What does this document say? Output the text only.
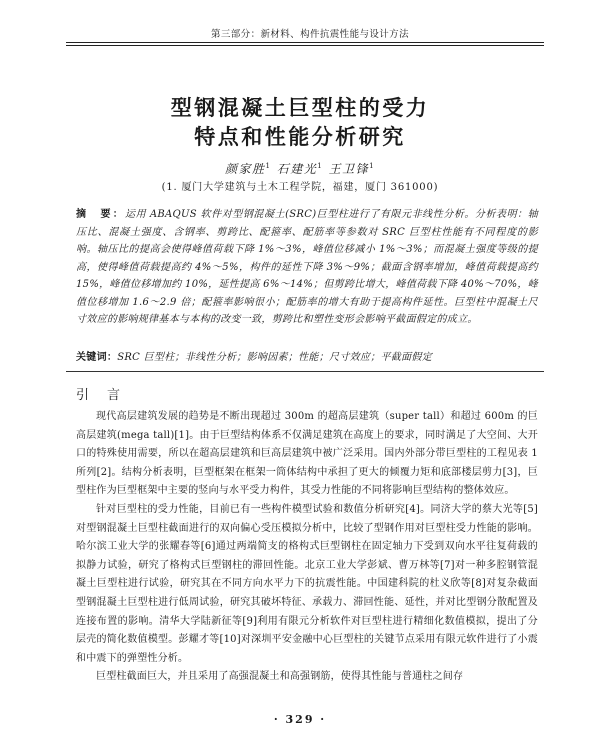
第三部分：新材料、构件抗震性能与设计方法
型钢混凝土巨型柱的受力
特点和性能分析研究
颜家胜$^1$ 石建光$^1$ 王卫锋$^1$
(1. 厦门大学建筑与土木工程学院，福建，厦门 361000)
摘　要：运用 ABAQUS 软件对型钢混凝土(SRC)巨型柱进行了有限元非线性分析。分析表明：轴压比、混凝土强度、含钢率、剪跨比、配箍率、配筋率等参数对 SRC 巨型柱性能有不同程度的影响。轴压比的提高会使得峰值荷载下降 1%～3%，峰值位移减小 1%～3%；而混凝土强度等级的提高，使得峰值荷载提高约 4%～5%，构件的延性下降 3%～9%；截面含钢率增加，峰值荷载提高约 15%，峰值位移增加约 10%，延性提高 6%～14%；但剪跨比增大，峰值荷载下降 40%～70%，峰值位移增加 1.6～2.9 倍；配箍率影响很小；配筋率的增大有助于提高构件延性。巨型柱中混凝土尺寸效应的影响规律基本与本构的改变一致，剪跨比和塑性变形会影响平截面假定的成立。
关键词：SRC 巨型柱；非线性分析；影响因素；性能；尺寸效应；平截面假定
引言

现代高层建筑发展的趋势是不断出现超过 300m 的超高层建筑（super tall）和超过 600m 的巨高层建筑(mega tall)[1]。由于巨型结构体系不仅满足建筑在高度上的要求，同时满足了大空间、大开口的特殊使用需要，所以在超高层建筑和巨高层建筑中被广泛采用。国内外部分带巨型柱的工程见表 1 所列[2]。结构分析表明，巨型框架在框架一筒体结构中承担了更大的倾覆力矩和底部楼层剪力[3]，巨型柱作为巨型框架中主要的竖向与水平受力构件，其受力性能的不同将影响巨型结构的整体效应。

针对巨型柱的受力性能，目前已有一些构件模型试验和数值分析研究[4]。同济大学的蔡大光等[5]对型钢混凝土巨型柱截面进行的双向偏心受压模拟分析中，比较了型钢作用对巨型柱受力性能的影响。哈尔滨工业大学的张耀春等[6]通过两端简支的格构式巨型钢柱在固定轴力下受到双向水平往复荷载的拟静力试验，研究了格构式巨型钢柱的滞回性能。北京工业大学彭斌、曹万林等[7]对一种多腔钢管混凝土巨型柱进行试验，研究其在不同方向水平力下的抗震性能。中国建科院的杜义欣等[8]对复杂截面型钢混凝土巨型柱进行低周试验，研究其破坏特征、承载力、滞回性能、延性，并对比型钢分散配置及连接布置的影响。清华大学陆新征等[9]利用有限元分析软件对巨型柱进行精细化数值模拟，提出了分层壳的简化数值模型。彭耀才等[10]对深圳平安金融中心巨型柱的关键节点采用有限元软件进行了小震和中震下的弹塑性分析。

巨型柱截面巨大，并且采用了高强混凝土和高强钢筋，使得其性能与普通柱之间存

· 329 ·
